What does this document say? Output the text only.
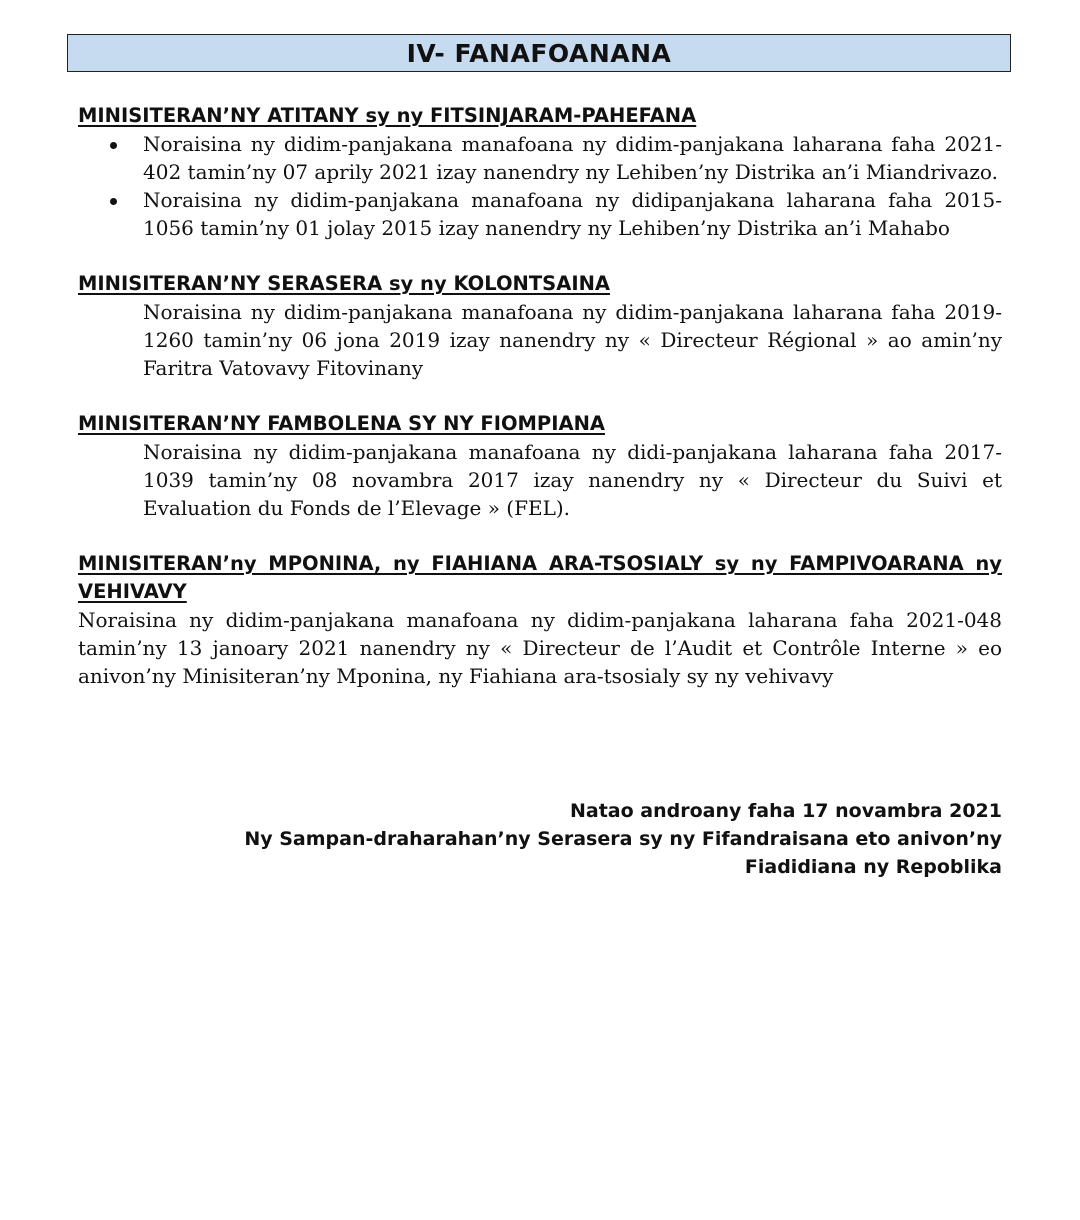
IV- FANAFOANANA
MINISITERAN’NY ATITANY sy ny FITSINJARAM-PAHEFANA
Noraisina ny didim-panjakana manafoana ny didim-panjakana laharana faha 2021-402 tamin’ny 07 aprily 2021 izay nanendry ny Lehiben’ny Distrika an’i Miandrivazo.
Noraisina ny didim-panjakana manafoana ny didipanjakana laharana faha 2015-1056 tamin’ny 01 jolay 2015 izay nanendry ny Lehiben’ny Distrika an’i Mahabo
MINISITERAN’NY SERASERA sy ny KOLONTSAINA
Noraisina ny didim-panjakana manafoana ny didim-panjakana laharana faha 2019-1260 tamin’ny 06 jona 2019 izay nanendry ny « Directeur Régional » ao amin’ny Faritra Vatovavy Fitovinany
MINISITERAN’NY FAMBOLENA SY NY FIOMPIANA
Noraisina ny didim-panjakana manafoana ny didi-panjakana laharana faha 2017-1039 tamin’ny 08 novambra 2017 izay nanendry ny « Directeur du Suivi et Evaluation du Fonds de l’Elevage » (FEL).
MINISITERAN’ny MPONINA, ny FIAHIANA ARA-TSOSIALY sy ny FAMPIVOARANA ny VEHIVAVY
Noraisina ny didim-panjakana manafoana ny didim-panjakana laharana faha 2021-048 tamin’ny 13 janoary 2021 nanendry ny « Directeur de l’Audit et Contrôle Interne » eo anivon’ny Minisiteran’ny Mponina, ny Fiahiana ara-tsosialy sy ny vehivavy
Natao androany faha 17 novambra 2021
Ny Sampan-draharahan’ny Serasera sy ny Fifandraisana eto anivon’ny
Fiadidiana ny Repoblika
